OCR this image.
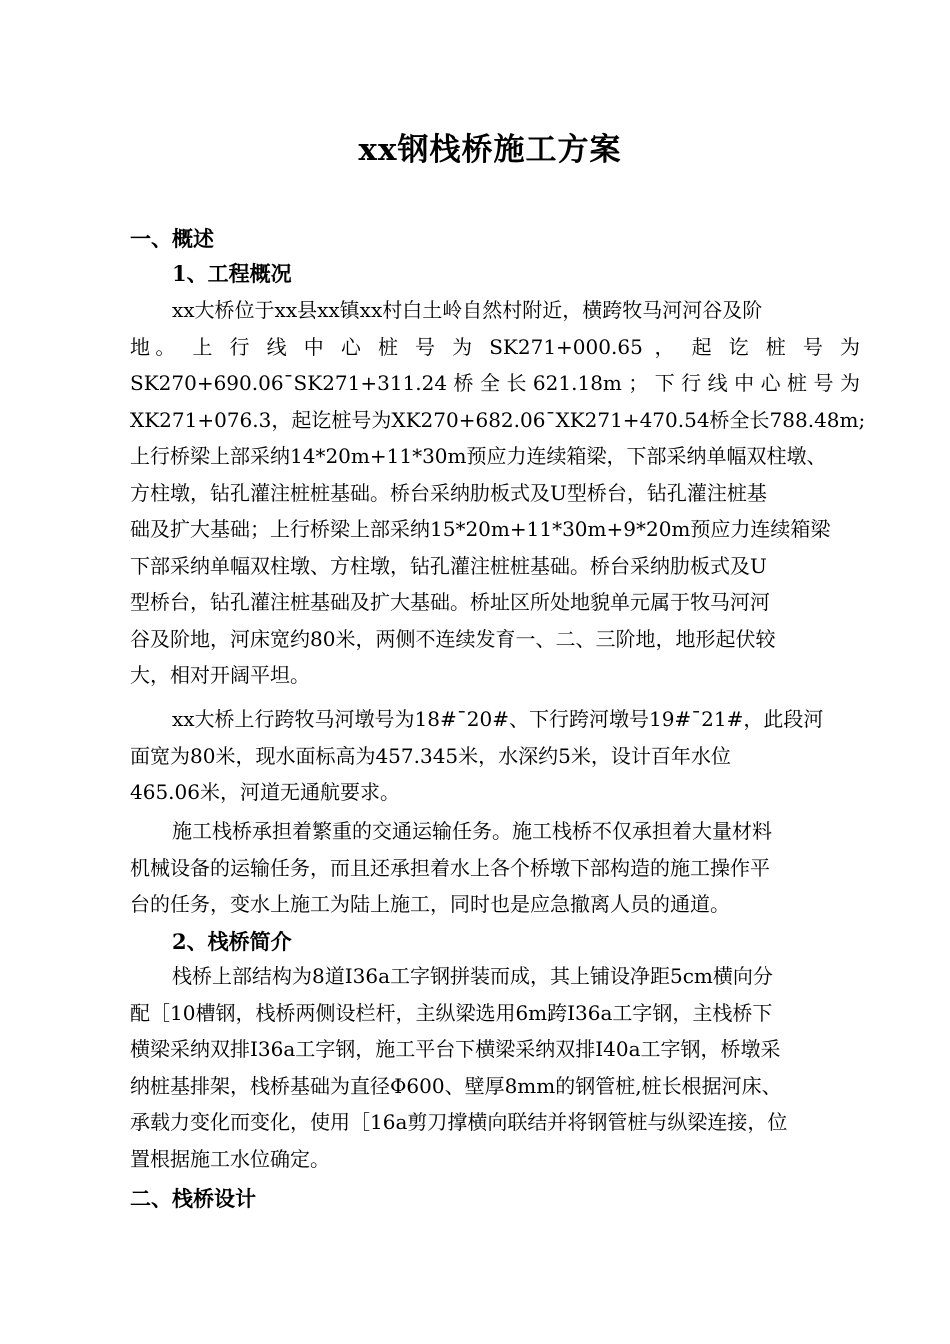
xx钢栈桥施工方案
一、概述
1、工程概况
xx大桥位于xx县xx镇xx村白土岭自然村附近，横跨牧马河河谷及阶
地。 上 行 线 中 心 桩 号 为 SK271+000.65 ， 起 讫 桩 号 为
SK270+690.06¯SK271+311.24 桥 全 长 621.18m ； 下 行 线 中 心 桩 号 为
XK271+076.3，起讫桩号为XK270+682.06¯XK271+470.54桥全长788.48m;
上行桥梁上部采纳14*20m+11*30m预应力连续箱梁，下部采纳单幅双柱墩、
方柱墩，钻孔灌注桩桩基础。桥台采纳肋板式及U型桥台，钻孔灌注桩基
础及扩大基础；上行桥梁上部采纳15*20m+11*30m+9*20m预应力连续箱梁
下部采纳单幅双柱墩、方柱墩，钻孔灌注桩桩基础。桥台采纳肋板式及U
型桥台，钻孔灌注桩基础及扩大基础。桥址区所处地貌单元属于牧马河河
谷及阶地，河床宽约80米，两侧不连续发育一、二、三阶地，地形起伏较
大，相对开阔平坦。
xx大桥上行跨牧马河墩号为18#¯20#、下行跨河墩号19#¯21#，此段河
面宽为80米，现水面标高为457.345米，水深约5米，设计百年水位
465.06米，河道无通航要求。
施工栈桥承担着繁重的交通运输任务。施工栈桥不仅承担着大量材料
机械设备的运输任务，而且还承担着水上各个桥墩下部构造的施工操作平
台的任务，变水上施工为陆上施工，同时也是应急撤离人员的通道。
2、栈桥简介
栈桥上部结构为8道I36a工字钢拼装而成，其上铺设净距5cm横向分
配［10槽钢，栈桥两侧设栏杆，主纵梁选用6m跨I36a工字钢，主栈桥下
横梁采纳双排I36a工字钢，施工平台下横梁采纳双排I40a工字钢，桥墩采
纳桩基排架，栈桥基础为直径Φ600、壁厚8mm的钢管桩,桩长根据河床、
承载力变化而变化，使用［16a剪刀撑横向联结并将钢管桩与纵梁连接，位
置根据施工水位确定。
二、栈桥设计
